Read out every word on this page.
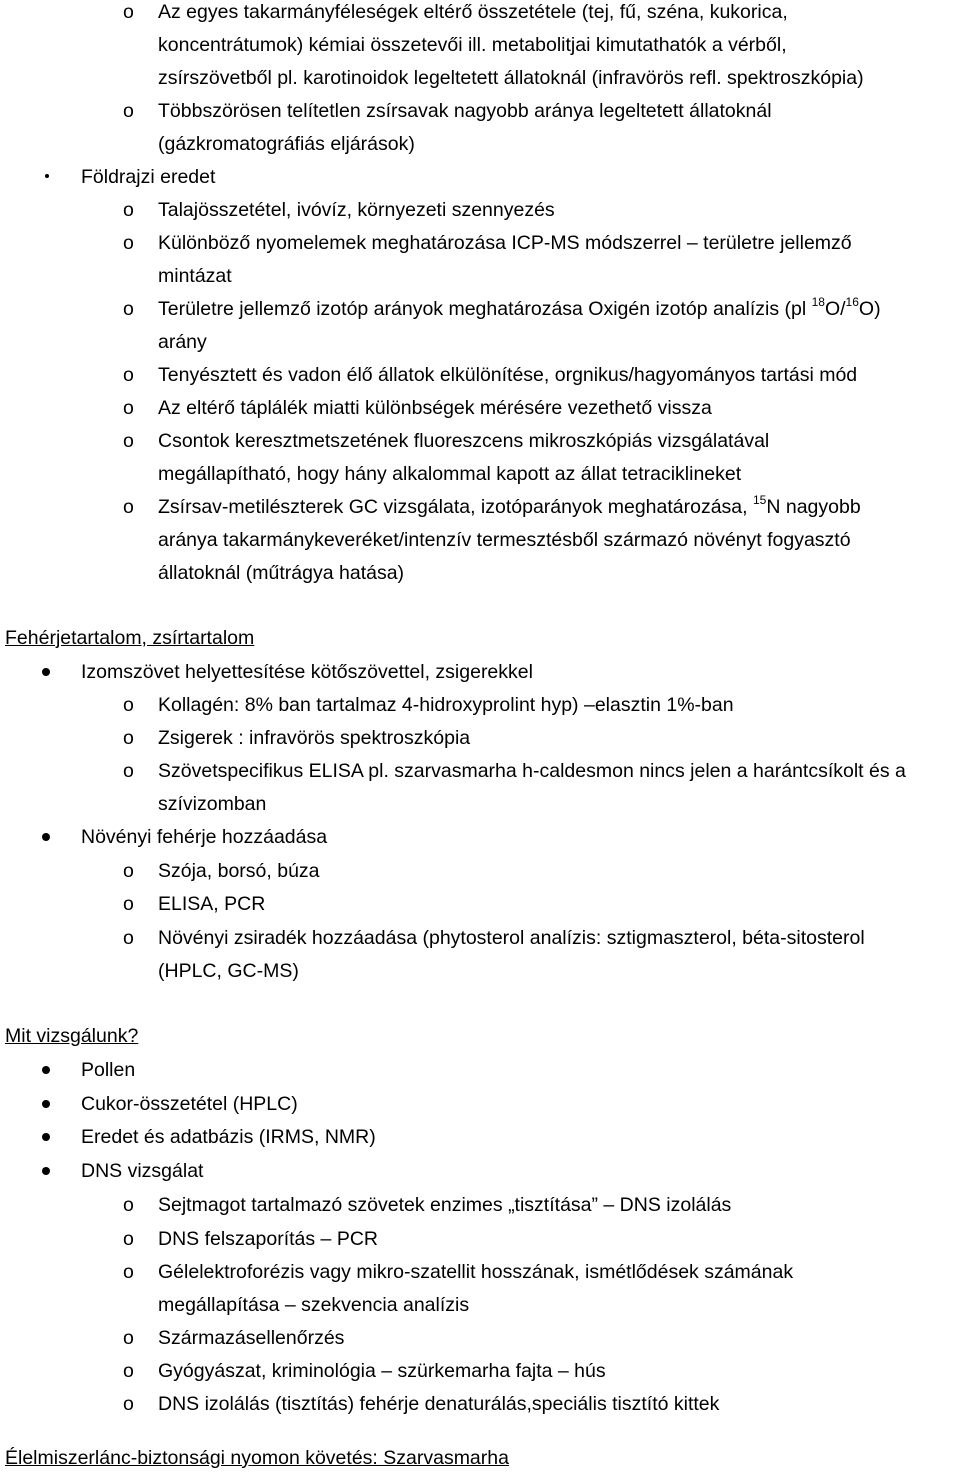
o Az egyes takarmányféleségek eltérő összetétele (tej, fű, széna, kukorica,
koncentrátumok) kémiai összetevői ill. metabolitjai kimutathatók a vérből,
zsírszövetből pl. karotinoidok legeltetett állatoknál (infravörös refl. spektroszkópia)
o Többszörösen telítetlen zsírsavak nagyobb aránya legeltetett állatoknál
(gázkromatográfiás eljárások)
Földrajzi eredet
o Talajösszetétel, ivóvíz, környezeti szennyezés
o Különböző nyomelemek meghatározása ICP-MS módszerrel – területre jellemző
mintázat
o Területre jellemző izotóp arányok meghatározása Oxigén izotóp analízis (pl $^{18}$O/$^{16}$O)
arány
o Tenyésztett és vadon élő állatok elkülönítése, orgnikus/hagyományos tartási mód
o Az eltérő táplálék miatti különbségek mérésére vezethető vissza
o Csontok keresztmetszetének fluoreszcens mikroszkópiás vizsgálatával
megállapítható, hogy hány alkalommal kapott az állat tetraciklineket
o Zsírsav-metilészterek GC vizsgálata, izotóparányok meghatározása, $^{15}$N nagyobb
aránya takarmánykeveréket/intenzív termesztésből származó növényt fogyasztó
állatoknál (műtrágya hatása)
Fehérjetartalom, zsírtartalom
Izomszövet helyettesítése kötőszövettel, zsigerekkel
o Kollagén: 8% ban tartalmaz 4-hidroxyprolint hyp) –elasztin 1%-ban
o Zsigerek : infravörös spektroszkópia
o Szövetspecifikus ELISA pl. szarvasmarha h-caldesmon nincs jelen a harántcsíkolt és a
szívizomban
Növényi fehérje hozzáadása
o Szója, borsó, búza
o ELISA, PCR
o Növényi zsiradék hozzáadása (phytosterol analízis: sztigmaszterol, béta-sitosterol
(HPLC, GC-MS)
Mit vizsgálunk?
Pollen
Cukor-összetétel (HPLC)
Eredet és adatbázis (IRMS, NMR)
DNS vizsgálat
o Sejtmagot tartalmazó szövetek enzimes „tisztítása” – DNS izolálás
o DNS felszaporítás – PCR
o Gélelektroforézis vagy mikro-szatellit hosszának, ismétlődések számának
megállapítása – szekvencia analízis
o Származásellenőrzés
o Gyógyászat, kriminológia – szürkemarha fajta – hús
o DNS izolálás (tisztítás) fehérje denaturálás,speciális tisztító kittek
Élelmiszerlánc-biztonsági nyomon követés: Szarvasmarha
